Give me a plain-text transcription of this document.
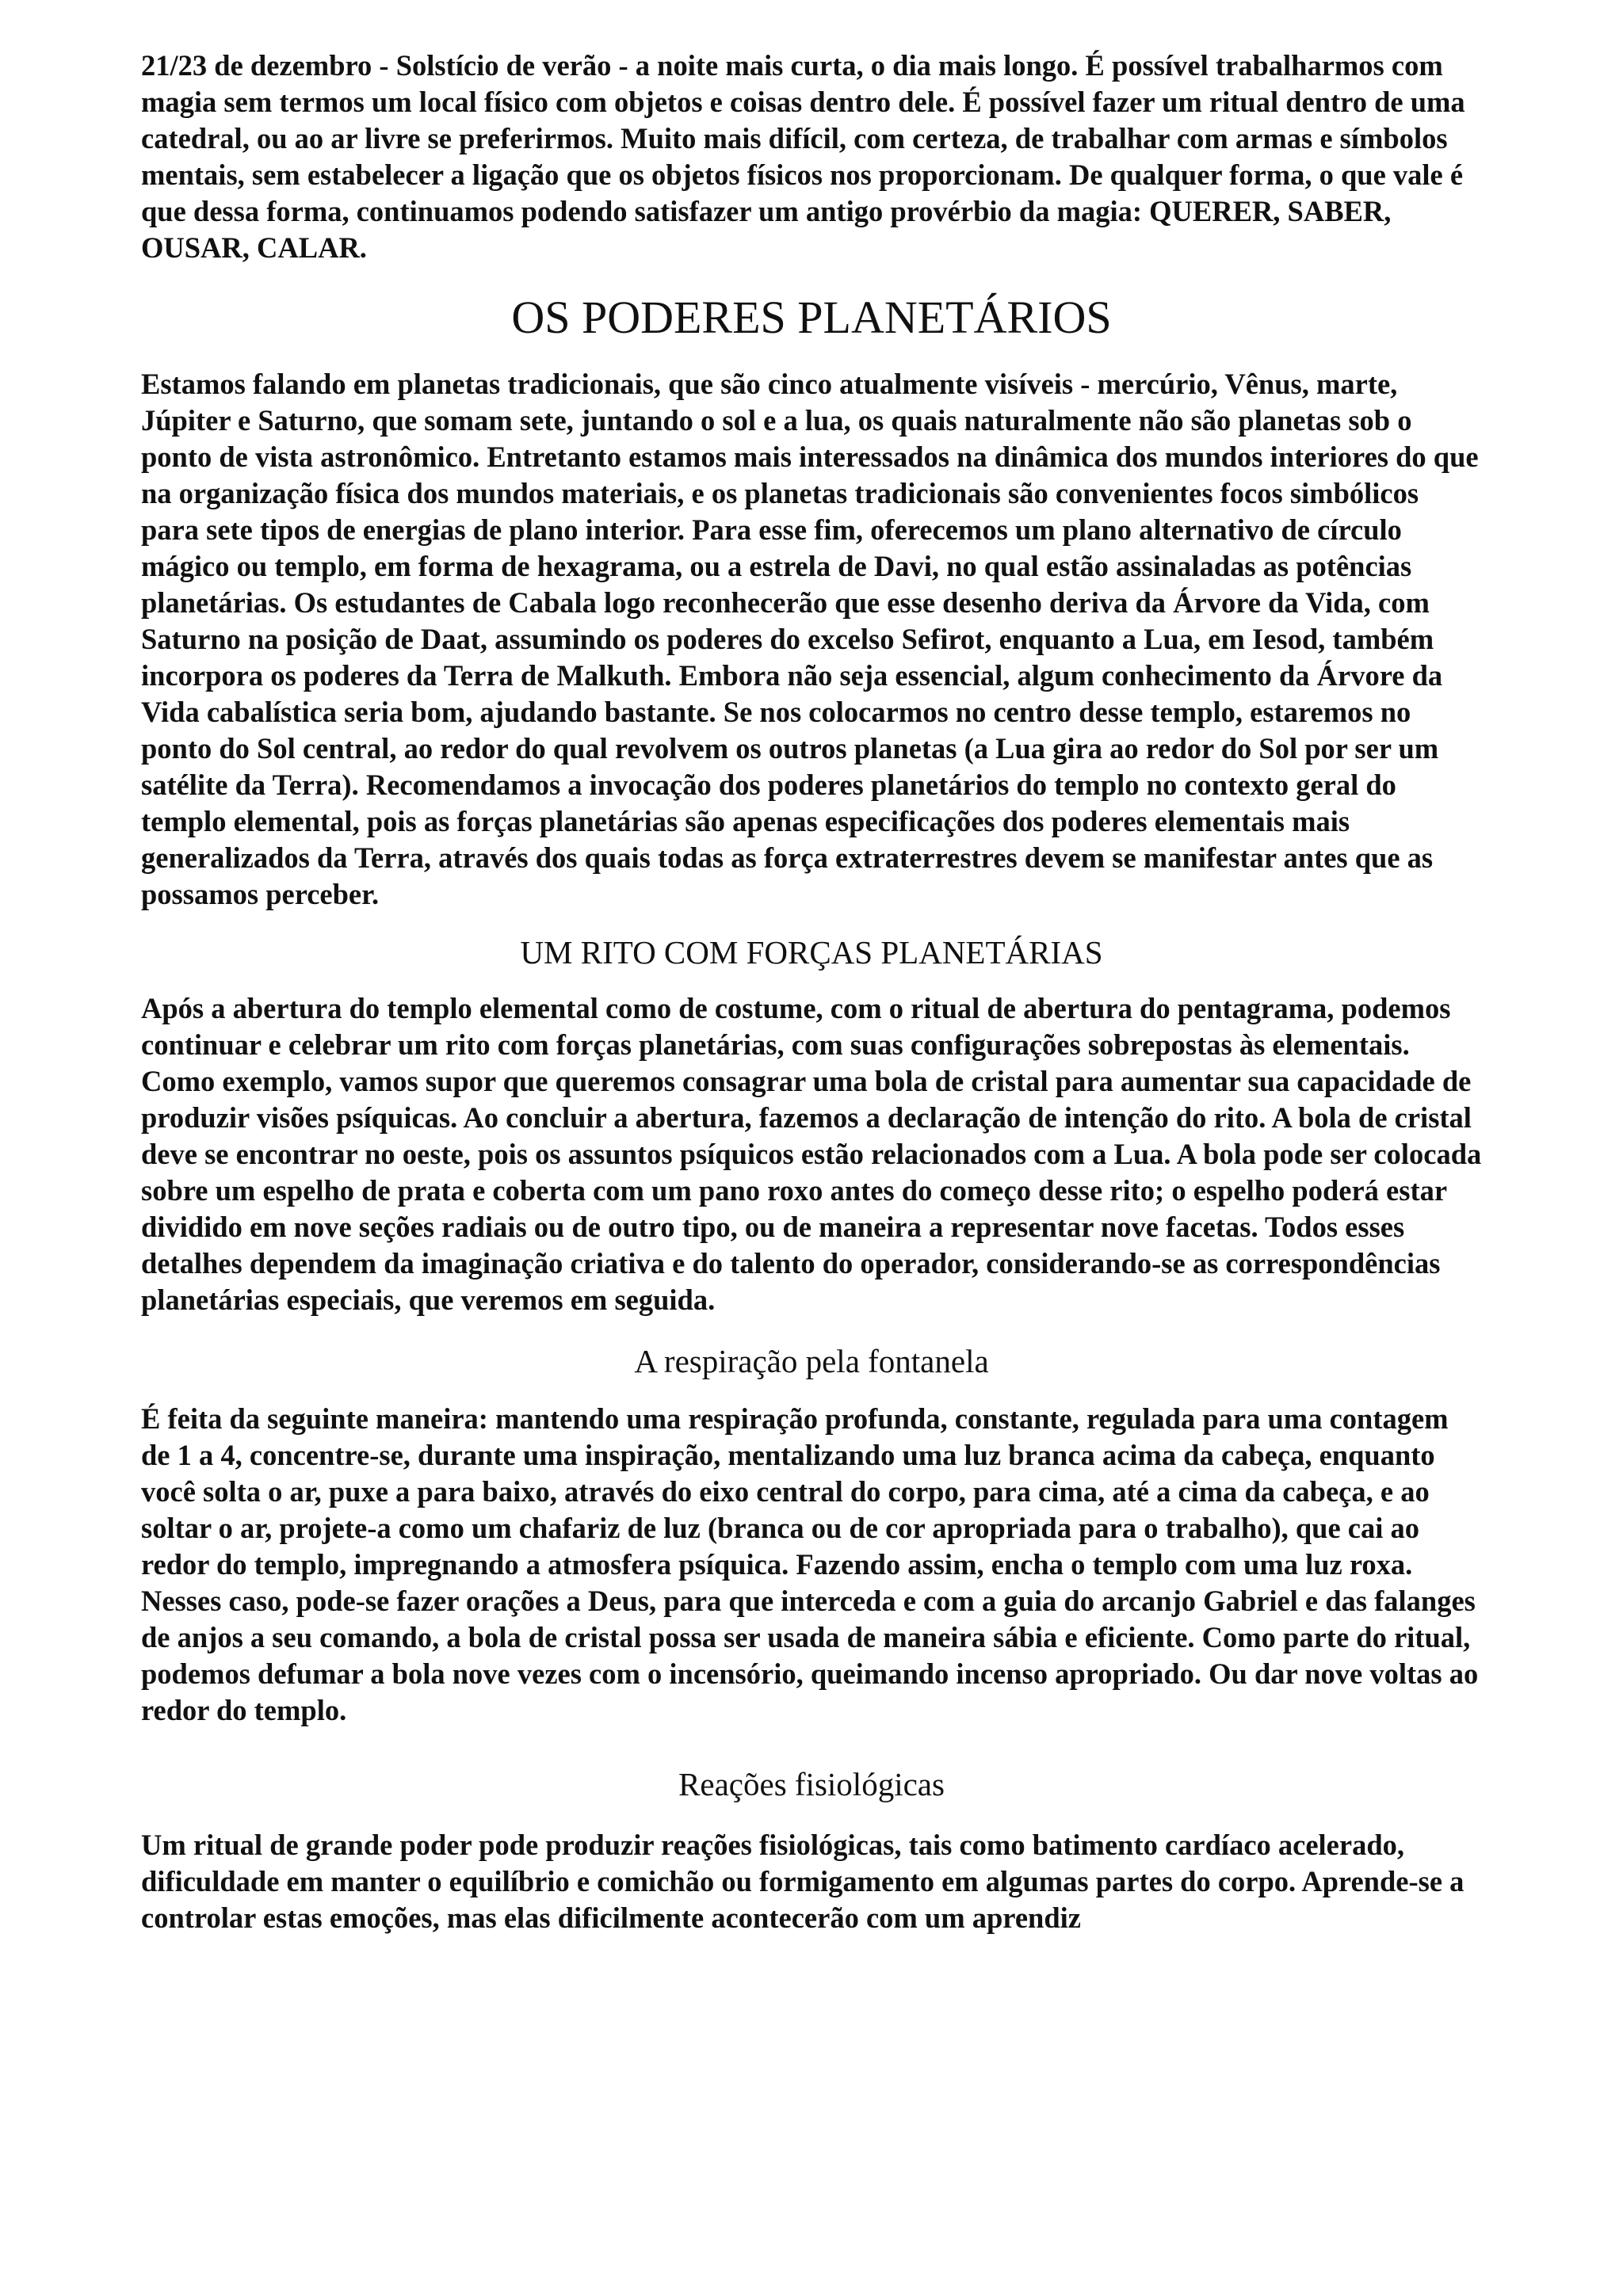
21/23 de dezembro - Solstício de verão - a noite mais curta, o dia mais longo. É possível trabalharmos com magia sem termos um local físico com objetos e coisas dentro dele. É possível fazer um ritual dentro de uma catedral, ou ao ar livre se preferirmos. Muito mais difícil, com certeza, de trabalhar com armas e símbolos mentais, sem estabelecer a ligação que os objetos físicos nos proporcionam. De qualquer forma, o que vale é que dessa forma, continuamos podendo satisfazer um antigo provérbio da magia: QUERER, SABER, OUSAR, CALAR.

OS PODERES PLANETÁRIOS

Estamos falando em planetas tradicionais, que são cinco atualmente visíveis - mercúrio, Vênus, marte, Júpiter e Saturno, que somam sete, juntando o sol e a lua, os quais naturalmente não são planetas sob o ponto de vista astronômico. Entretanto estamos mais interessados na dinâmica dos mundos interiores do que na organização física dos mundos materiais, e os planetas tradicionais são convenientes focos simbólicos para sete tipos de energias de plano interior. Para esse fim, oferecemos um plano alternativo de círculo mágico ou templo, em forma de hexagrama, ou a estrela de Davi, no qual estão assinaladas as potências planetárias. Os estudantes de Cabala logo reconhecerão que esse desenho deriva da Árvore da Vida, com Saturno na posição de Daat, assumindo os poderes do excelso Sefirot, enquanto a Lua, em Iesod, também incorpora os poderes da Terra de Malkuth. Embora não seja essencial, algum conhecimento da Árvore da Vida cabalística seria bom, ajudando bastante. Se nos colocarmos no centro desse templo, estaremos no ponto do Sol central, ao redor do qual revolvem os outros planetas (a Lua gira ao redor do Sol por ser um satélite da Terra). Recomendamos a invocação dos poderes planetários do templo no contexto geral do templo elemental, pois as forças planetárias são apenas especificações dos poderes elementais mais generalizados da Terra, através dos quais todas as força extraterrestres devem se manifestar antes que as possamos perceber.

UM RITO COM FORÇAS PLANETÁRIAS

Após a abertura do templo elemental como de costume, com o ritual de abertura do pentagrama, podemos continuar e celebrar um rito com forças planetárias, com suas configurações sobrepostas às elementais. Como exemplo, vamos supor que queremos consagrar uma bola de cristal para aumentar sua capacidade de produzir visões psíquicas. Ao concluir a abertura, fazemos a declaração de intenção do rito. A bola de cristal deve se encontrar no oeste, pois os assuntos psíquicos estão relacionados com a Lua. A bola pode ser colocada sobre um espelho de prata e coberta com um pano roxo antes do começo desse rito; o espelho poderá estar dividido em nove seções radiais ou de outro tipo, ou de maneira a representar nove facetas. Todos esses detalhes dependem da imaginação criativa e do talento do operador, considerando-se as correspondências planetárias especiais, que veremos em seguida.

A respiração pela fontanela

É feita da seguinte maneira: mantendo uma respiração profunda, constante, regulada para uma contagem de 1 a 4, concentre-se, durante uma inspiração, mentalizando uma luz branca acima da cabeça, enquanto você solta o ar, puxe a para baixo, através do eixo central do corpo, para cima, até a cima da cabeça, e ao soltar o ar, projete-a como um chafariz de luz (branca ou de cor apropriada para o trabalho), que cai ao redor do templo, impregnando a atmosfera psíquica. Fazendo assim, encha o templo com uma luz roxa. Nesses caso, pode-se fazer orações a Deus, para que interceda e com a guia do arcanjo Gabriel e das falanges de anjos a seu comando, a bola de cristal possa ser usada de maneira sábia e eficiente. Como parte do ritual, podemos defumar a bola nove vezes com o incensório, queimando incenso apropriado. Ou dar nove voltas ao redor do templo.

Reações fisiológicas

Um ritual de grande poder pode produzir reações fisiológicas, tais como batimento cardíaco acelerado, dificuldade em manter o equilíbrio e comichão ou formigamento em algumas partes do corpo. Aprende-se a controlar estas emoções, mas elas dificilmente acontecerão com um aprendiz
